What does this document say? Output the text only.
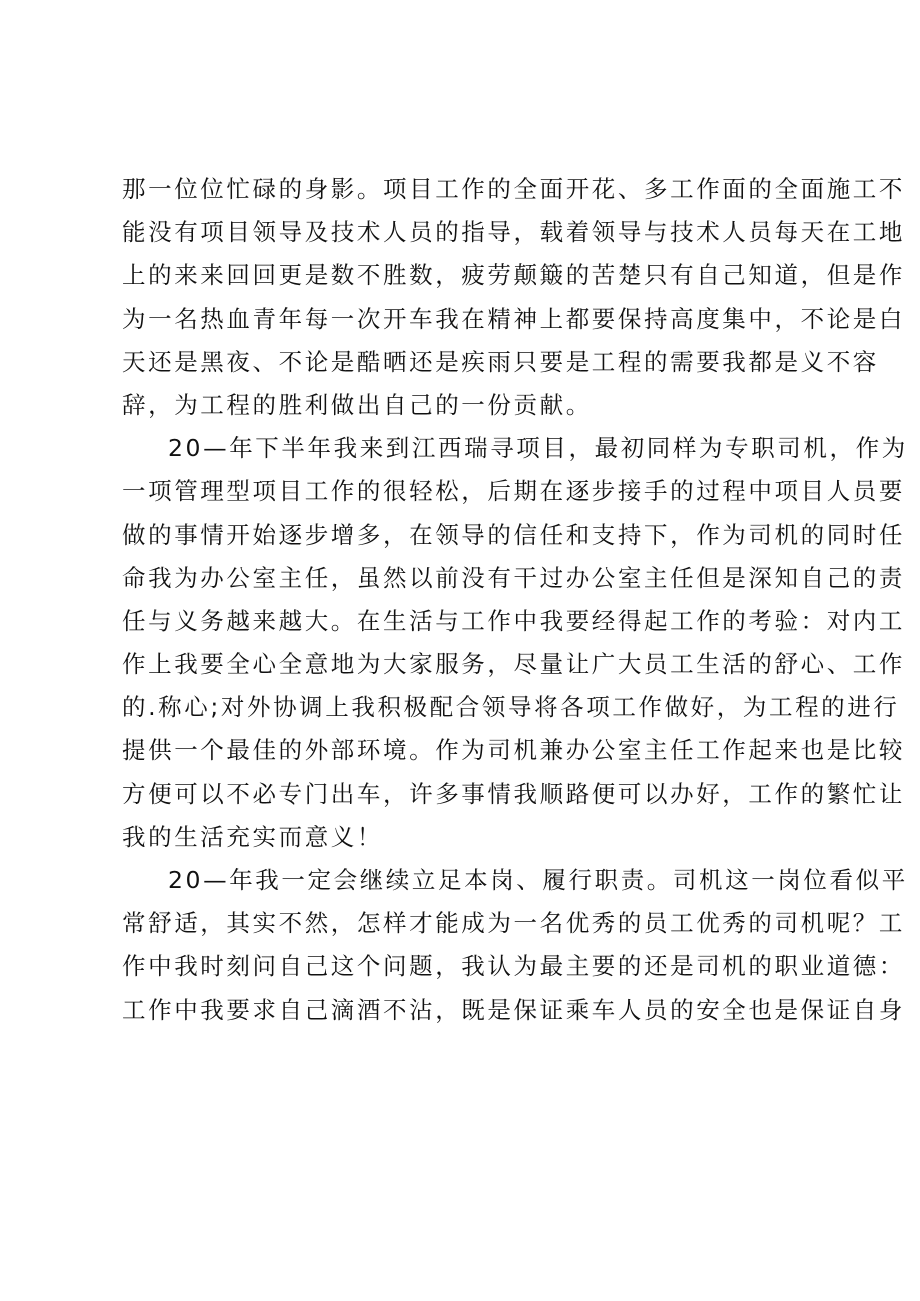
那一位位忙碌的身影。项目工作的全面开花、多工作面的全面施工不
能没有项目领导及技术人员的指导，载着领导与技术人员每天在工地
上的来来回回更是数不胜数，疲劳颠簸的苦楚只有自己知道，但是作
为一名热血青年每一次开车我在精神上都要保持高度集中，不论是白
天还是黑夜、不论是酷晒还是疾雨只要是工程的需要我都是义不容
辞，为工程的胜利做出自己的一份贡献。
20—年下半年我来到江西瑞寻项目，最初同样为专职司机，作为
一项管理型项目工作的很轻松，后期在逐步接手的过程中项目人员要
做的事情开始逐步增多，在领导的信任和支持下，作为司机的同时任
命我为办公室主任，虽然以前没有干过办公室主任但是深知自己的责
任与义务越来越大。在生活与工作中我要经得起工作的考验：对内工
作上我要全心全意地为大家服务，尽量让广大员工生活的舒心、工作
的.称心;对外协调上我积极配合领导将各项工作做好，为工程的进行
提供一个最佳的外部环境。作为司机兼办公室主任工作起来也是比较
方便可以不必专门出车，许多事情我顺路便可以办好，工作的繁忙让
我的生活充实而意义！
20—年我一定会继续立足本岗、履行职责。司机这一岗位看似平
常舒适，其实不然，怎样才能成为一名优秀的员工优秀的司机呢？工
作中我时刻问自己这个问题，我认为最主要的还是司机的职业道德：
工作中我要求自己滴酒不沾，既是保证乘车人员的安全也是保证自身
